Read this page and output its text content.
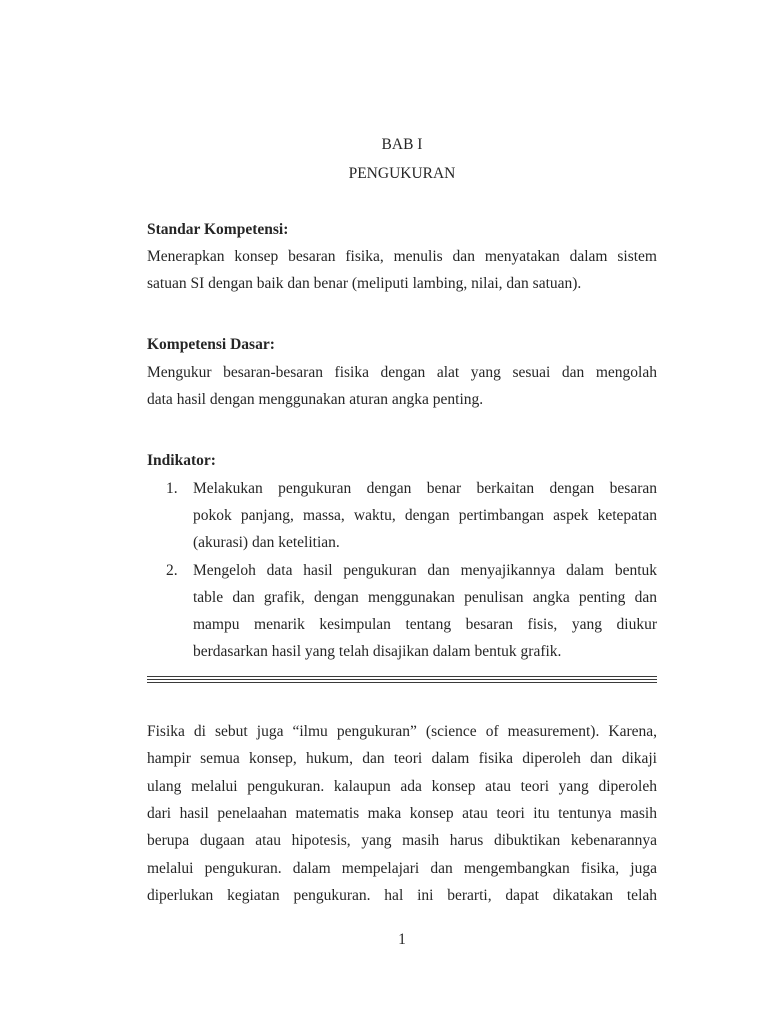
BAB I
PENGUKURAN
Standar Kompetensi:
Menerapkan konsep besaran fisika, menulis dan menyatakan dalam sistem
satuan SI dengan baik dan benar (meliputi lambing, nilai, dan satuan).
Kompetensi Dasar:
Mengukur besaran-besaran fisika dengan alat yang sesuai dan mengolah
data hasil dengan menggunakan aturan angka penting.
Indikator:
1. Melakukan pengukuran dengan benar berkaitan dengan besaran
pokok panjang, massa, waktu, dengan pertimbangan aspek ketepatan
(akurasi) dan ketelitian.
2. Mengeloh data hasil pengukuran dan menyajikannya dalam bentuk
table dan grafik, dengan menggunakan penulisan angka penting dan
mampu menarik kesimpulan tentang besaran fisis, yang diukur
berdasarkan hasil yang telah disajikan dalam bentuk grafik.
Fisika di sebut juga “ilmu pengukuran” (science of measurement). Karena,
hampir semua konsep, hukum, dan teori dalam fisika diperoleh dan dikaji
ulang melalui pengukuran. kalaupun ada konsep atau teori yang diperoleh
dari hasil penelaahan matematis maka konsep atau teori itu tentunya masih
berupa dugaan atau hipotesis, yang masih harus dibuktikan kebenarannya
melalui pengukuran. dalam mempelajari dan mengembangkan fisika, juga
diperlukan kegiatan pengukuran. hal ini berarti, dapat dikatakan telah
1
